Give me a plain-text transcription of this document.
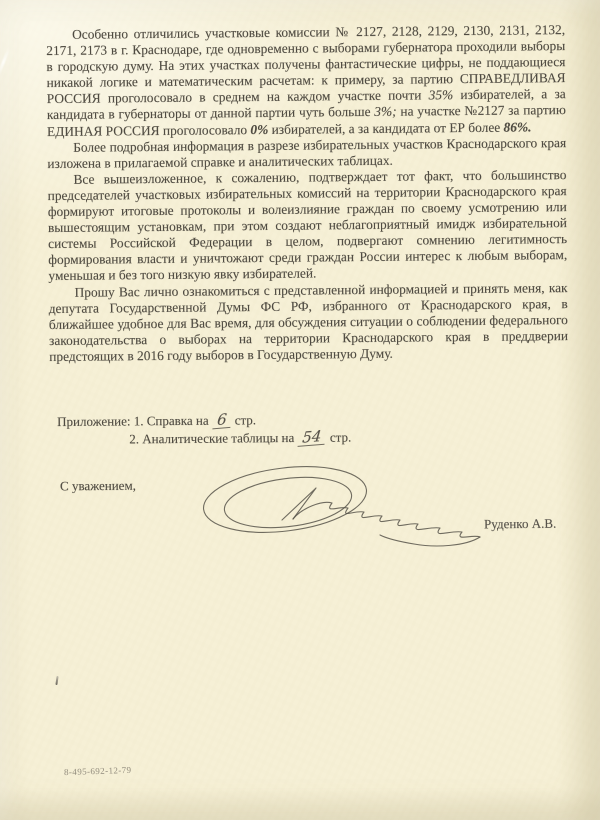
Особенно отличились участковые комиссии № 2127, 2128, 2129, 2130, 2131, 2132, 2171, 2173 в г. Краснодаре, где одновременно с выборами губернатора проходили выборы в городскую думу. На этих участках получены фантастические цифры, не поддающиеся никакой логике и математическим расчетам: к примеру, за партию СПРАВЕДЛИВАЯ РОССИЯ проголосовало в среднем на каждом участке почти 35% избирателей, а за кандидата в губернаторы от данной партии чуть больше 3%; на участке №2127 за партию ЕДИНАЯ РОССИЯ проголосовало 0% избирателей, а за кандидата от ЕР более 86%.

Более подробная информация в разрезе избирательных участков Краснодарского края изложена в прилагаемой справке и аналитических таблицах.

Все вышеизложенное, к сожалению, подтверждает тот факт, что большинство председателей участковых избирательных комиссий на территории Краснодарского края формируют итоговые протоколы и волеизлияние граждан по своему усмотрению или вышестоящим установкам, при этом создают неблагоприятный имидж избирательной системы Российской Федерации в целом, подвергают сомнению легитимность формирования власти и уничтожают среди граждан России интерес к любым выборам, уменьшая и без того низкую явку избирателей.

Прошу Вас лично ознакомиться с представленной информацией и принять меня, как депутата Государственной Думы ФС РФ, избранного от Краснодарского края, в ближайшее удобное для Вас время, для обсуждения ситуации о соблюдении федерального законодательства о выборах на территории Краснодарского края в преддверии предстоящих в 2016 году выборов в Государственную Думу.

Приложение: 1. Справка на 6 стр.
2. Аналитические таблицы на 54 стр.
С уважением,
Руденко А.В.
8-495-692-12-79
